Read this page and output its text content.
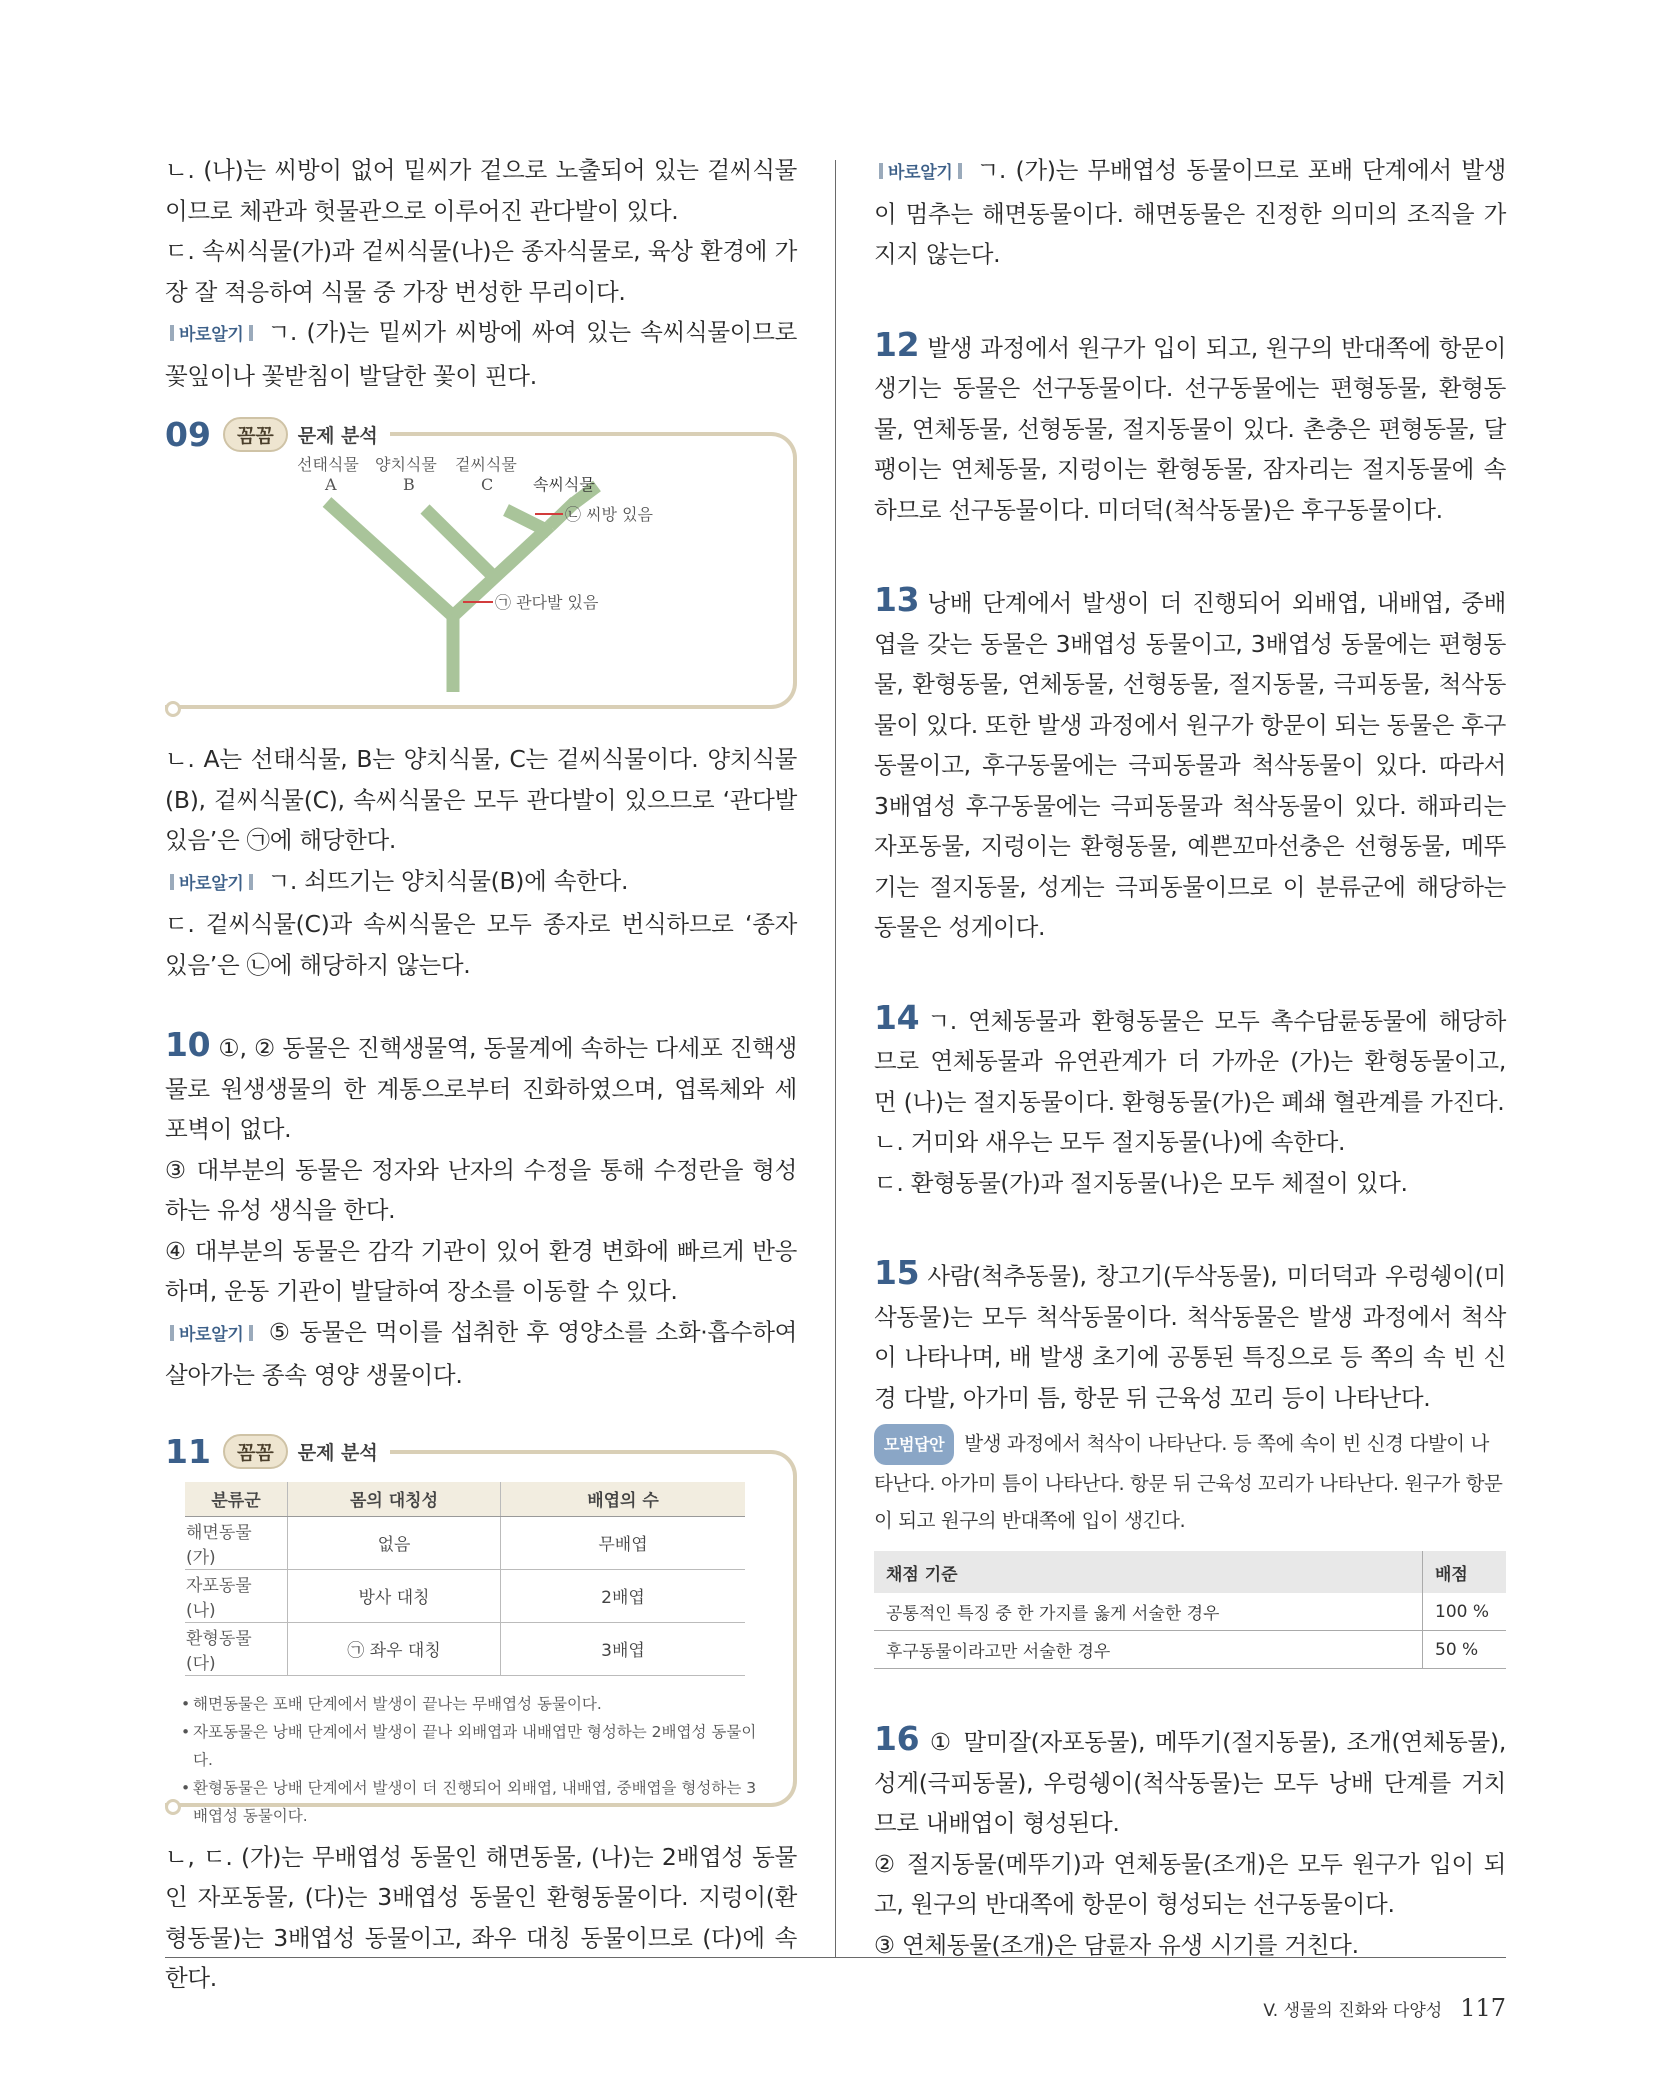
ㄴ. (나)는 씨방이 없어 밑씨가 겉으로 노출되어 있는 겉씨식물이므로 체관과 헛물관으로 이루어진 관다발이 있다.

ㄷ. 속씨식물(가)과 겉씨식물(나)은 종자식물로, 육상 환경에 가장 잘 적응하여 식물 중 가장 번성한 무리이다.

바로알기 ㄱ. (가)는 밑씨가 씨방에 싸여 있는 속씨식물이므로 꽃잎이나 꽃받침이 발달한 꽃이 핀다.

09	꼼꼼	문제 분석
선태식물 양치식물 겉씨식물
속씨식물
A	B	C
㉡ 씨방 있음
㉠ 관다발 있음

ㄴ. A는 선태식물, B는 양치식물, C는 겉씨식물이다. 양치식물(B), 겉씨식물(C), 속씨식물은 모두 관다발이 있으므로 ‘관다발 있음’은 ㉠에 해당한다.

바로알기 ㄱ. 쇠뜨기는 양치식물(B)에 속한다.

ㄷ. 겉씨식물(C)과 속씨식물은 모두 종자로 번식하므로 ‘종자 있음’은 ㉡에 해당하지 않는다.

10 ①, ② 동물은 진핵생물역, 동물계에 속하는 다세포 진핵생물로 원생생물의 한 계통으로부터 진화하였으며, 엽록체와 세포벽이 없다.

③ 대부분의 동물은 정자와 난자의 수정을 통해 수정란을 형성하는 유성 생식을 한다.

④ 대부분의 동물은 감각 기관이 있어 환경 변화에 빠르게 반응하며, 운동 기관이 발달하여 장소를 이동할 수 있다.

바로알기 ⑤ 동물은 먹이를 섭취한 후 영양소를 소화·흡수하여 살아가는 종속 영양 생물이다.

11	꼼꼼	문제 분석
분류군	몸의 대칭성	배엽의 수
해면동물 (가)	없음	무배엽
자포동물 (나)	방사 대칭	2배엽
환형동물 (다)	㉠ 좌우 대칭	3배엽
• 해면동물은 포배 단계에서 발생이 끝나는 무배엽성 동물이다.
• 자포동물은 낭배 단계에서 발생이 끝나 외배엽과 내배엽만 형성하는 2배엽성 동물이다.
• 환형동물은 낭배 단계에서 발생이 더 진행되어 외배엽, 내배엽, 중배엽을 형성하는 3배엽성 동물이다.

ㄴ, ㄷ. (가)는 무배엽성 동물인 해면동물, (나)는 2배엽성 동물인 자포동물, (다)는 3배엽성 동물인 환형동물이다. 지렁이(환형동물)는 3배엽성 동물이고, 좌우 대칭 동물이므로 (다)에 속한다.

바로알기 ㄱ. (가)는 무배엽성 동물이므로 포배 단계에서 발생이 멈추는 해면동물이다. 해면동물은 진정한 의미의 조직을 가지지 않는다.

12 발생 과정에서 원구가 입이 되고, 원구의 반대쪽에 항문이 생기는 동물은 선구동물이다. 선구동물에는 편형동물, 환형동물, 연체동물, 선형동물, 절지동물이 있다. 촌충은 편형동물, 달팽이는 연체동물, 지렁이는 환형동물, 잠자리는 절지동물에 속하므로 선구동물이다. 미더덕(척삭동물)은 후구동물이다.

13 낭배 단계에서 발생이 더 진행되어 외배엽, 내배엽, 중배엽을 갖는 동물은 3배엽성 동물이고, 3배엽성 동물에는 편형동물, 환형동물, 연체동물, 선형동물, 절지동물, 극피동물, 척삭동물이 있다. 또한 발생 과정에서 원구가 항문이 되는 동물은 후구동물이고, 후구동물에는 극피동물과 척삭동물이 있다. 따라서 3배엽성 후구동물에는 극피동물과 척삭동물이 있다. 해파리는 자포동물, 지렁이는 환형동물, 예쁜꼬마선충은 선형동물, 메뚜기는 절지동물, 성게는 극피동물이므로 이 분류군에 해당하는 동물은 성게이다.

14 ㄱ. 연체동물과 환형동물은 모두 촉수담륜동물에 해당하므로 연체동물과 유연관계가 더 가까운 (가)는 환형동물이고, 먼 (나)는 절지동물이다. 환형동물(가)은 폐쇄 혈관계를 가진다.

ㄴ. 거미와 새우는 모두 절지동물(나)에 속한다.

ㄷ. 환형동물(가)과 절지동물(나)은 모두 체절이 있다.

15 사람(척추동물), 창고기(두삭동물), 미더덕과 우렁쉥이(미삭동물)는 모두 척삭동물이다. 척삭동물은 발생 과정에서 척삭이 나타나며, 배 발생 초기에 공통된 특징으로 등 쪽의 속 빈 신경 다발, 아가미 틈, 항문 뒤 근육성 꼬리 등이 나타난다.

모범답안 발생 과정에서 척삭이 나타난다. 등 쪽에 속이 빈 신경 다발이 나타난다. 아가미 틈이 나타난다. 항문 뒤 근육성 꼬리가 나타난다. 원구가 항문이 되고 원구의 반대쪽에 입이 생긴다.

채점 기준	배점
공통적인 특징 중 한 가지를 옳게 서술한 경우	100 %
후구동물이라고만 서술한 경우	50 %

16 ① 말미잘(자포동물), 메뚜기(절지동물), 조개(연체동물), 성게(극피동물), 우렁쉥이(척삭동물)는 모두 낭배 단계를 거치므로 내배엽이 형성된다.

② 절지동물(메뚜기)과 연체동물(조개)은 모두 원구가 입이 되고, 원구의 반대쪽에 항문이 형성되는 선구동물이다.

③ 연체동물(조개)은 담륜자 유생 시기를 거친다.

V. 생물의 진화와 다양성 117
